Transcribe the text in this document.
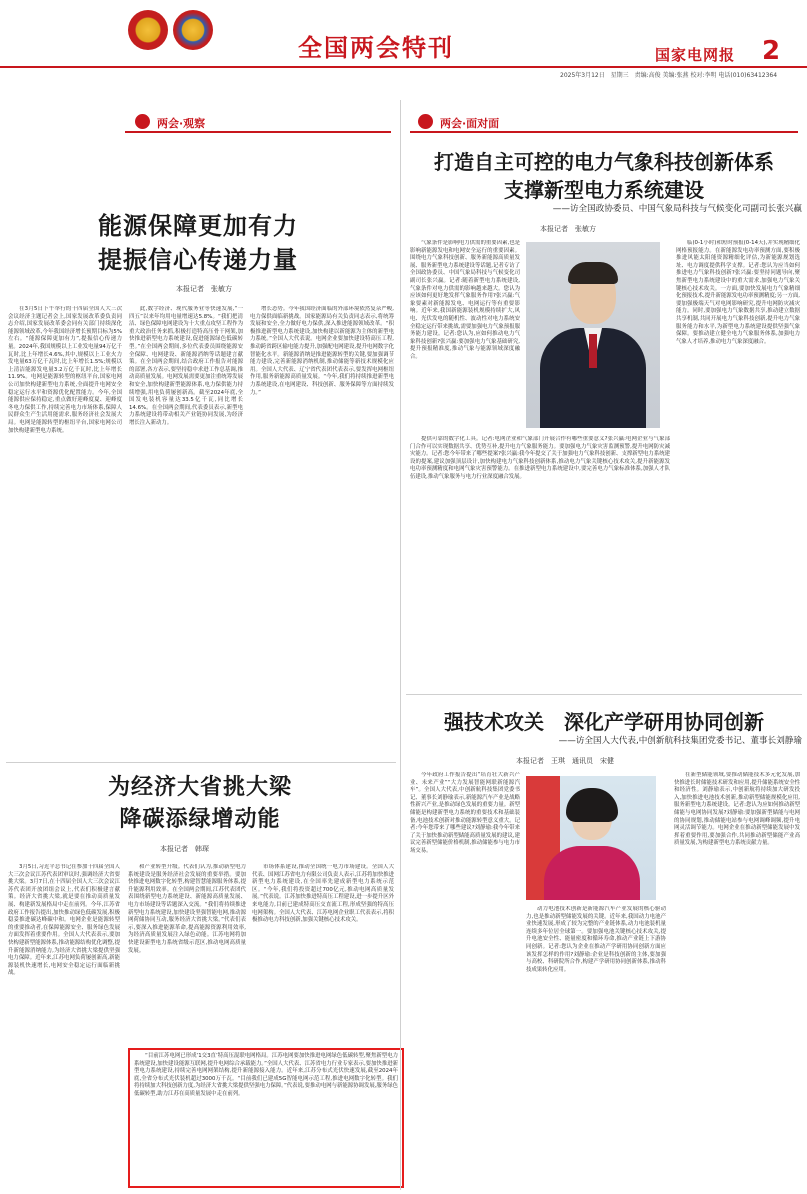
全国两会特刊	国家电网报 2
2025年3月12日 星期三 责编:高俊 美编:张燕 校对:李明 电话(010)63412364
两会·观察
能源保障更加有力
提振信心传递力量
本报记者　张敏方

在3月5日下午举行的十四届全国人大三次会议经济主题记者会上,国家发展改革委负责同志介绍,国家发展改革委会同有关部门持续深化能源领域改革,今年我国经济增长预期目标为5%左右。“能源保障更加有力”,提振信心传递力量。2024年,我国规模以上工业发电量94万亿千瓦时,比上年增长4.6%,其中,规模以上工业火力发电量63万亿千瓦时,比上年增长1.5%;规模以上清洁能源发电量3.2万亿千瓦时,比上年增长11.9%。电网是能源转型的枢纽平台,国家电网公司加快构建新型电力系统,全面提升电网安全稳定运行水平和资源优化配置能力。今年,全国能源供应保持稳定,重点做好迎峰度夏、迎峰度冬电力保供工作,持续完善电力市场体系,保障人民群众生产生活用能需求,服务经济社会发展大局。电网是能源转型的枢纽平台,国家电网公司加快构建新型电力系统。

此,数字经济、现代服务业等快速发展,“一四五”以来年均用电量增速达5.8%。“我们把清洁、绿色保障电网建设为十大重点攻坚工程作为重大政治任务来抓,积极打造特高压骨干网架,加快推进新型电力系统建设,促进能源绿色低碳转型。”在全国两会期间,多位代表委员围绕能源安全保障、电网建设、新能源消纳等话题建言献策。在全国两会期间,结合政府工作报告对能源的部署,各方表示,要坚持稳中求进工作总基调,推动高质量发展。电网发展需要更加注重统筹发展和安全,加快构建新型能源体系,电力保供能力持续增强,用电负荷屡创新高。截至2024年底,全国发电装机容量达33.5亿千瓦,同比增长14.6%。在全国两会期间,代表委员表示,新型电力系统建设将带动相关产业链协同发展,为经济增长注入新动力。

增长态势。今年我国经济面临的外部环境依然复杂严峻,电力保供面临新挑战。国家能源局有关负责同志表示,将统筹发展和安全,全力做好电力保供,深入推进能源领域改革。“积极推进新型电力系统建设,加快构建以新能源为主体的新型电力系统。”全国人大代表说。电网企业要加快建设特高压工程,推动跨省跨区输电能力提升,加强配电网建设,提升电网数字化智能化水平。新能源消纳是推进能源转型的关键,要加强调节能力建设,完善新能源消纳机制,推动储能等新技术规模化应用。全国人大代表、辽宁省代表团代表表示,要发挥电网枢纽作用,服务新能源高质量发展。“今年,我们将持续推进新型电力系统建设,在电网建设、科技创新、服务保障等方面持续发力。”

为经济大省挑大梁
降碳添绿增动能
本报记者　韩琛

3月5日,习近平总书记在参加十四届全国人大三次会议江苏代表团审议时,强调经济大省要挑大梁。3月7日,在十四届全国人大三次会议江苏代表团开放团组会议上,代表们积极建言献策。经济大省挑大梁,就是要在推动高质量发展、构建新发展格局中走在前列。今年,江苏省政府工作报告提出,加快推动绿色低碳发展,积极稳妥推进碳达峰碳中和。电网企业是能源转型的重要推动者,在保障能源安全、服务绿色发展方面发挥着重要作用。全国人大代表表示,要加快构建新型能源体系,推动能源结构优化调整,提升新能源消纳能力,为经济大省挑大梁提供坚强电力保障。近年来,江苏电网负荷屡创新高,新能源装机快速增长,电网安全稳定运行面临新挑战。

和产业转型升级。代表们认为,推动新型电力系统建设是服务经济社会发展的重要举措。要加快推进电网数字化转型,构建智慧能源服务体系,提升能源利用效率。在全国两会期间,江苏代表团代表围绕新型电力系统建设、新能源高质量发展、电力市场建设等话题深入交流。“我们将持续推进新型电力系统建设,加快建设坚强智能电网,推动源网荷储协同互动,服务经济大省挑大梁。”代表们表示,要深入推进能源革命,提高能源资源利用效率,为经济高质量发展注入绿色动能。江苏电网将加快建设新型电力系统省级示范区,推动电网高质量发展。

市场体系建设,推动全国统一电力市场建设。全国人大代表、国网江苏省电力有限公司负责人表示,江苏将加快推进新型电力系统建设,在全国率先建成新型电力系统示范区。“今年,我们将投资超过700亿元,推动电网高质量发展。”代表说。江苏加快推进特高压工程建设,进一步提升区外来电能力,目前已建成特高压交直流工程,形成坚强的特高压电网架构。全国人大代表、江苏电网企业职工代表表示,将积极推动电力科技创新,加强关键核心技术攻关。

“目前江苏电网已形成‘1交3直’特高压混联电网格局。江苏电网要加快推进电网绿色低碳转型,聚焦新型电力系统建设,加快建设能源互联网,提升电网综合承载能力。”全国人大代表、江苏省电力行业专家表示,要加快推进新型电力系统建设,持续完善电网网架结构,提升新能源接入能力。近年来,江苏分布式光伏快速发展,截至2024年底,全省分布式光伏装机超过3000万千瓦。“目前我们已建成5G智能电网示范工程,推进电网数字化转型。我们将持续加大科技创新力度,为经济大省挑大梁提供坚强电力保障。”代表说,要推动电网与新能源协调发展,服务绿色低碳转型,助力江苏在高质量发展中走在前列。

两会·面对面
打造自主可控的电力气象科技创新体系
支撑新型电力系统建设
——访全国政协委员、中国气象局科技与气候变化司副司长张兴赢
本报记者　张敏方

气象条件是影响电力供需的重要因素,也是影响新能源发电和电网安全运行的重要因素。围绕电力气象科技创新、服务新能源高质量发展、服务新型电力系统建设等话题,记者专访了全国政协委员、中国气象局科技与气候变化司副司长张兴赢。记者:随着新型电力系统建设,气象条件对电力供需的影响越来越大。您认为应该如何更好地发挥气象服务作用?张兴赢:气象要素对新能源发电、电网运行等有重要影响。近年来,我国新能源装机规模持续扩大,风电、光伏发电的随机性、波动性对电力系统安全稳定运行带来挑战,需要加强电力气象预报服务能力建设。记者:您认为,应如何推动电力气象科技创新?张兴赢:要加强电力气象基础研究,提升预报精准度,推动气象与能源领域深度融合。

提供可靠的数字化工具。记者:电网企业和气象部门开展合作有哪些重要意义?张兴赢:电网企业与气象部门合作可以实现数据共享、优势互补,提升电力气象服务能力。要加强电力气象灾害监测预警,提升电网防灾减灾能力。记者:您今年带来了哪些提案?张兴赢:我今年提交了关于加强电力气象科技创新、支撑新型电力系统建设的提案,建议加强顶层设计,加快构建电力气象科技创新体系,推动电力气象关键核心技术攻关,提升新能源发电功率预测精度和电网气象灾害预警能力。在推进新型电力系统建设中,要完善电力气象标准体系,加强人才队伍建设,推动气象服务与电力行业深度融合发展。

临(0-1小时)和短时预报(0-14天),并实现精细化网格预报能力。在新能源发电功率预测方面,要积极推进风能太阳能资源精细化评估,为新能源规划选址、电力调度提供科学支撑。记者:您认为应当如何推进电力气象科技创新?张兴赢:要坚持问题导向,聚焦新型电力系统建设中的重大需求,加强电力气象关键核心技术攻关。一方面,要加快发展电力气象精细化预报技术,提升新能源发电功率预测精度;另一方面,要加强极端天气对电网影响研究,提升电网防灾减灾能力。同时,要加强电力气象数据共享,推动建立数据共享机制,共同开展电力气象科技创新,提升电力气象服务能力和水平,为新型电力系统建设提供坚强气象保障。要推动建立健全电力气象服务体系,加强电力气象人才培养,推动电力气象深度融合。

强技术攻关　深化产学研用协同创新
——访全国人大代表,中创新航科技集团党委书记、董事长刘静瑜
本报记者　王琪　通讯员　宋健

今年政府工作报告提出“培育壮大新兴产业、未来产业”“大力发展智能网联新能源汽车”。全国人大代表,中创新航科技集团党委书记、董事长刘静瑜表示,新能源汽车产业是战略性新兴产业,是推动绿色发展的重要力量。新型储能是构建新型电力系统的重要技术和基础装备,电池技术创新对推动能源转型意义重大。记者:今年您带来了哪些建议?刘静瑜:我今年带来了关于加快推动新型储能高质量发展的建议,建议完善新型储能价格机制,推动储能参与电力市场交易。

动力电池技术创新是新能源汽车产业发展的核心驱动力,也是推动新型储能发展的关键。近年来,我国动力电池产业快速发展,形成了较为完整的产业链体系,动力电池装机量连续多年位居全球第一。要加强电池关键核心技术攻关,提升电池安全性、能量密度和循环寿命,推动产业链上下游协同创新。记者:您认为企业在推动产学研用协同创新方面应该发挥怎样的作用?刘静瑜:企业是科技创新的主体,要加强与高校、科研院所合作,构建产学研用协同创新体系,推动科技成果转化应用。

在新型储能领域,要推动储能技术多元化发展,加快推进长时储能技术研发和应用,提升储能系统安全性和经济性。刘静瑜表示,中创新航将持续加大研发投入,加快推进电池技术创新,推动新型储能规模化应用,服务新型电力系统建设。记者:您认为应如何推动新型储能与电网协同发展?刘静瑜:要加强新型储能与电网的协同规划,推动储能电站参与电网调峰调频,提升电网灵活调节能力。电网企业在推动新型储能发展中发挥着重要作用,要加强合作,共同推动新型储能产业高质量发展,为构建新型电力系统贡献力量。
